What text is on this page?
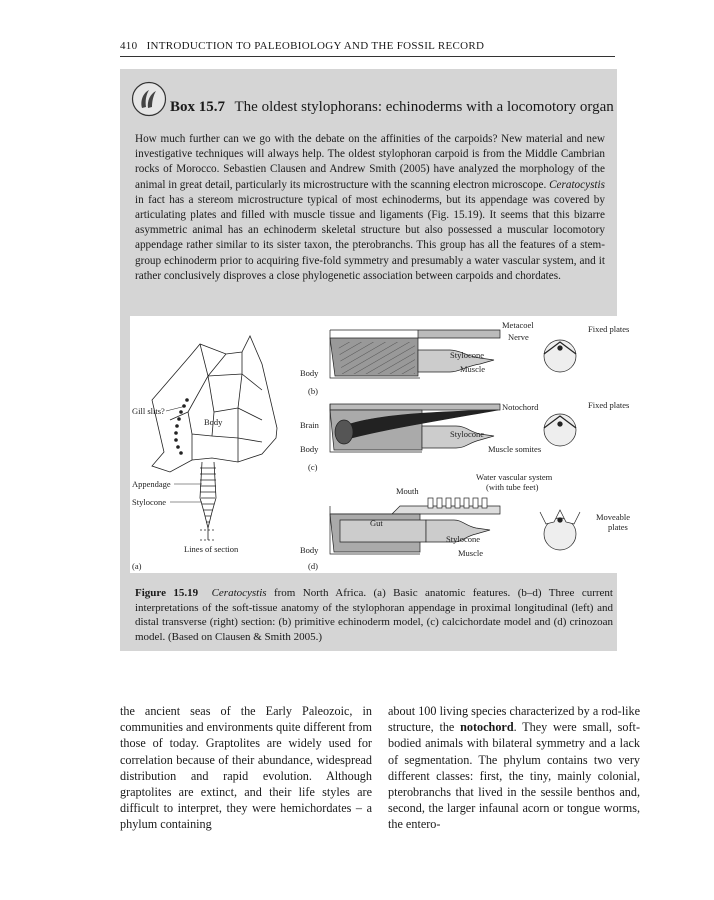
410 INTRODUCTION TO PALEOBIOLOGY AND THE FOSSIL RECORD
Box 15.7 The oldest stylophorans: echinoderms with a locomotory organ
How much further can we go with the debate on the affinities of the carpoids? New material and new investigative techniques will always help. The oldest stylophoran carpoid is from the Middle Cambrian rocks of Morocco. Sebastien Clausen and Andrew Smith (2005) have analyzed the morphology of the animal in great detail, particularly its microstructure with the scanning electron microscope. Ceratocystis in fact has a stereom microstructure typical of most echinoderms, but its appendage was covered by articulating plates and filled with muscle tissue and ligaments (Fig. 15.19). It seems that this bizarre asymmetric animal has an echinoderm skeletal structure but also possessed a muscular locomotory appendage rather similar to its sister taxon, the pterobranchs. This group has all the features of a stem-group echinoderm prior to acquiring five-fold symmetry and presumably a water vascular system, and it rather conclusively disproves a close phylogenetic association between carpoids and chordates.
Gill slits?
Body
Appendage
Stylocone
Lines of section
(a)
Body
(b)
Metacoel
Nerve
Stylocone
Muscle
Fixed plates
Brain
Body
(c)
Notochord
Stylocone
Muscle somites
Fixed plates
Water vascular system
(with tube feet)
Mouth
Gut
Stylocone
Muscle
Body
(d)
Moveable
plates
Figure 15.19 Ceratocystis from North Africa. (a) Basic anatomic features. (b–d) Three current interpretations of the soft-tissue anatomy of the stylophoran appendage in proximal longitudinal (left) and distal transverse (right) section: (b) primitive echinoderm model, (c) calcichordate model and (d) crinozoan model. (Based on Clausen & Smith 2005.)
the ancient seas of the Early Paleozoic, in communities and environments quite different from those of today. Graptolites are widely used for correlation because of their abundance, widespread distribution and rapid evolution. Although graptolites are extinct, and their life styles are difficult to interpret, they were hemichordates – a phylum containing
about 100 living species characterized by a rod-like structure, the notochord. They were small, soft-bodied animals with bilateral symmetry and a lack of segmentation. The phylum contains two very different classes: first, the tiny, mainly colonial, pterobranchs that lived in the sessile benthos and, second, the larger infaunal acorn or tongue worms, the entero-
